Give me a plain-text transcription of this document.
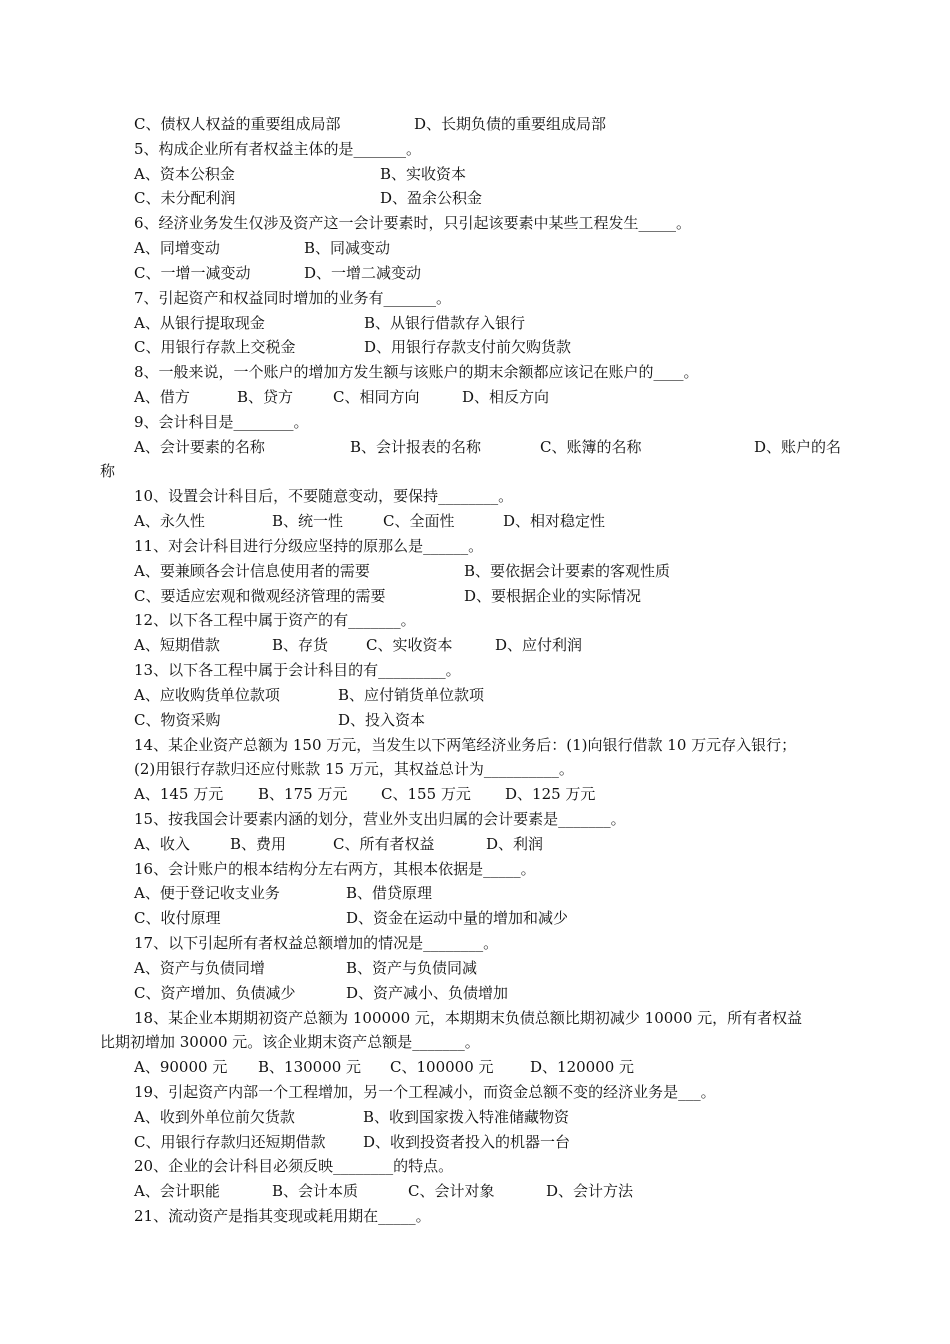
C、债权人权益的重要组成局部	D、长期负债的重要组成局部
5、构成企业所有者权益主体的是_______。
A、资本公积金	B、实收资本
C、未分配利润	D、盈余公积金
6、经济业务发生仅涉及资产这一会计要素时，只引起该要素中某些工程发生_____。
A、同增变动	B、同减变动
C、一增一减变动	D、一增二减变动
7、引起资产和权益同时增加的业务有_______。
A、从银行提取现金	B、从银行借款存入银行
C、用银行存款上交税金	D、用银行存款支付前欠购货款
8、一般来说，一个账户的增加方发生额与该账户的期末余额都应该记在账户的____。
A、借方	B、贷方	C、相同方向	D、相反方向
9、会计科目是________。
A、会计要素的名称	B、会计报表的名称	C、账簿的名称	D、账户的名
称
10、设置会计科目后，不要随意变动，要保持________。
A、永久性	B、统一性	C、全面性	D、相对稳定性
11、对会计科目进行分级应坚持的原那么是______。
A、要兼顾各会计信息使用者的需要	B、要依据会计要素的客观性质
C、要适应宏观和微观经济管理的需要	D、要根据企业的实际情况
12、以下各工程中属于资产的有_______。
A、短期借款	B、存货	C、实收资本	D、应付利润
13、以下各工程中属于会计科目的有_________。
A、应收购货单位款项	B、应付销货单位款项
C、物资采购	D、投入资本
14、某企业资产总额为 150 万元，当发生以下两笔经济业务后：(1)向银行借款 10 万元存入银行；
(2)用银行存款归还应付账款 15 万元，其权益总计为__________。
A、145 万元 B、175 万元 C、155 万元 D、125 万元
15、按我国会计要素内涵的划分，营业外支出归属的会计要素是_______。
A、收入	B、费用	C、所有者权益	D、利润
16、会计账户的根本结构分左右两方，其根本依据是_____。
A、便于登记收支业务	B、借贷原理
C、收付原理	D、资金在运动中量的增加和减少
17、以下引起所有者权益总额增加的情况是________。
A、资产与负债同增	B、资产与负债同减
C、资产增加、负债减少	D、资产减小、负债增加
18、某企业本期期初资产总额为 100000 元，本期期末负债总额比期初减少 10000 元，所有者权益
比期初增加 30000 元。该企业期末资产总额是_______。
A、90000 元 B、130000 元 C、100000 元 D、120000 元
19、引起资产内部一个工程增加，另一个工程减小，而资金总额不变的经济业务是___。
A、收到外单位前欠货款	B、收到国家拨入特准储藏物资
C、用银行存款归还短期借款	D、收到投资者投入的机器一台
20、企业的会计科目必须反映________的特点。
A、会计职能	B、会计本质	C、会计对象	D、会计方法
21、流动资产是指其变现或耗用期在_____。
